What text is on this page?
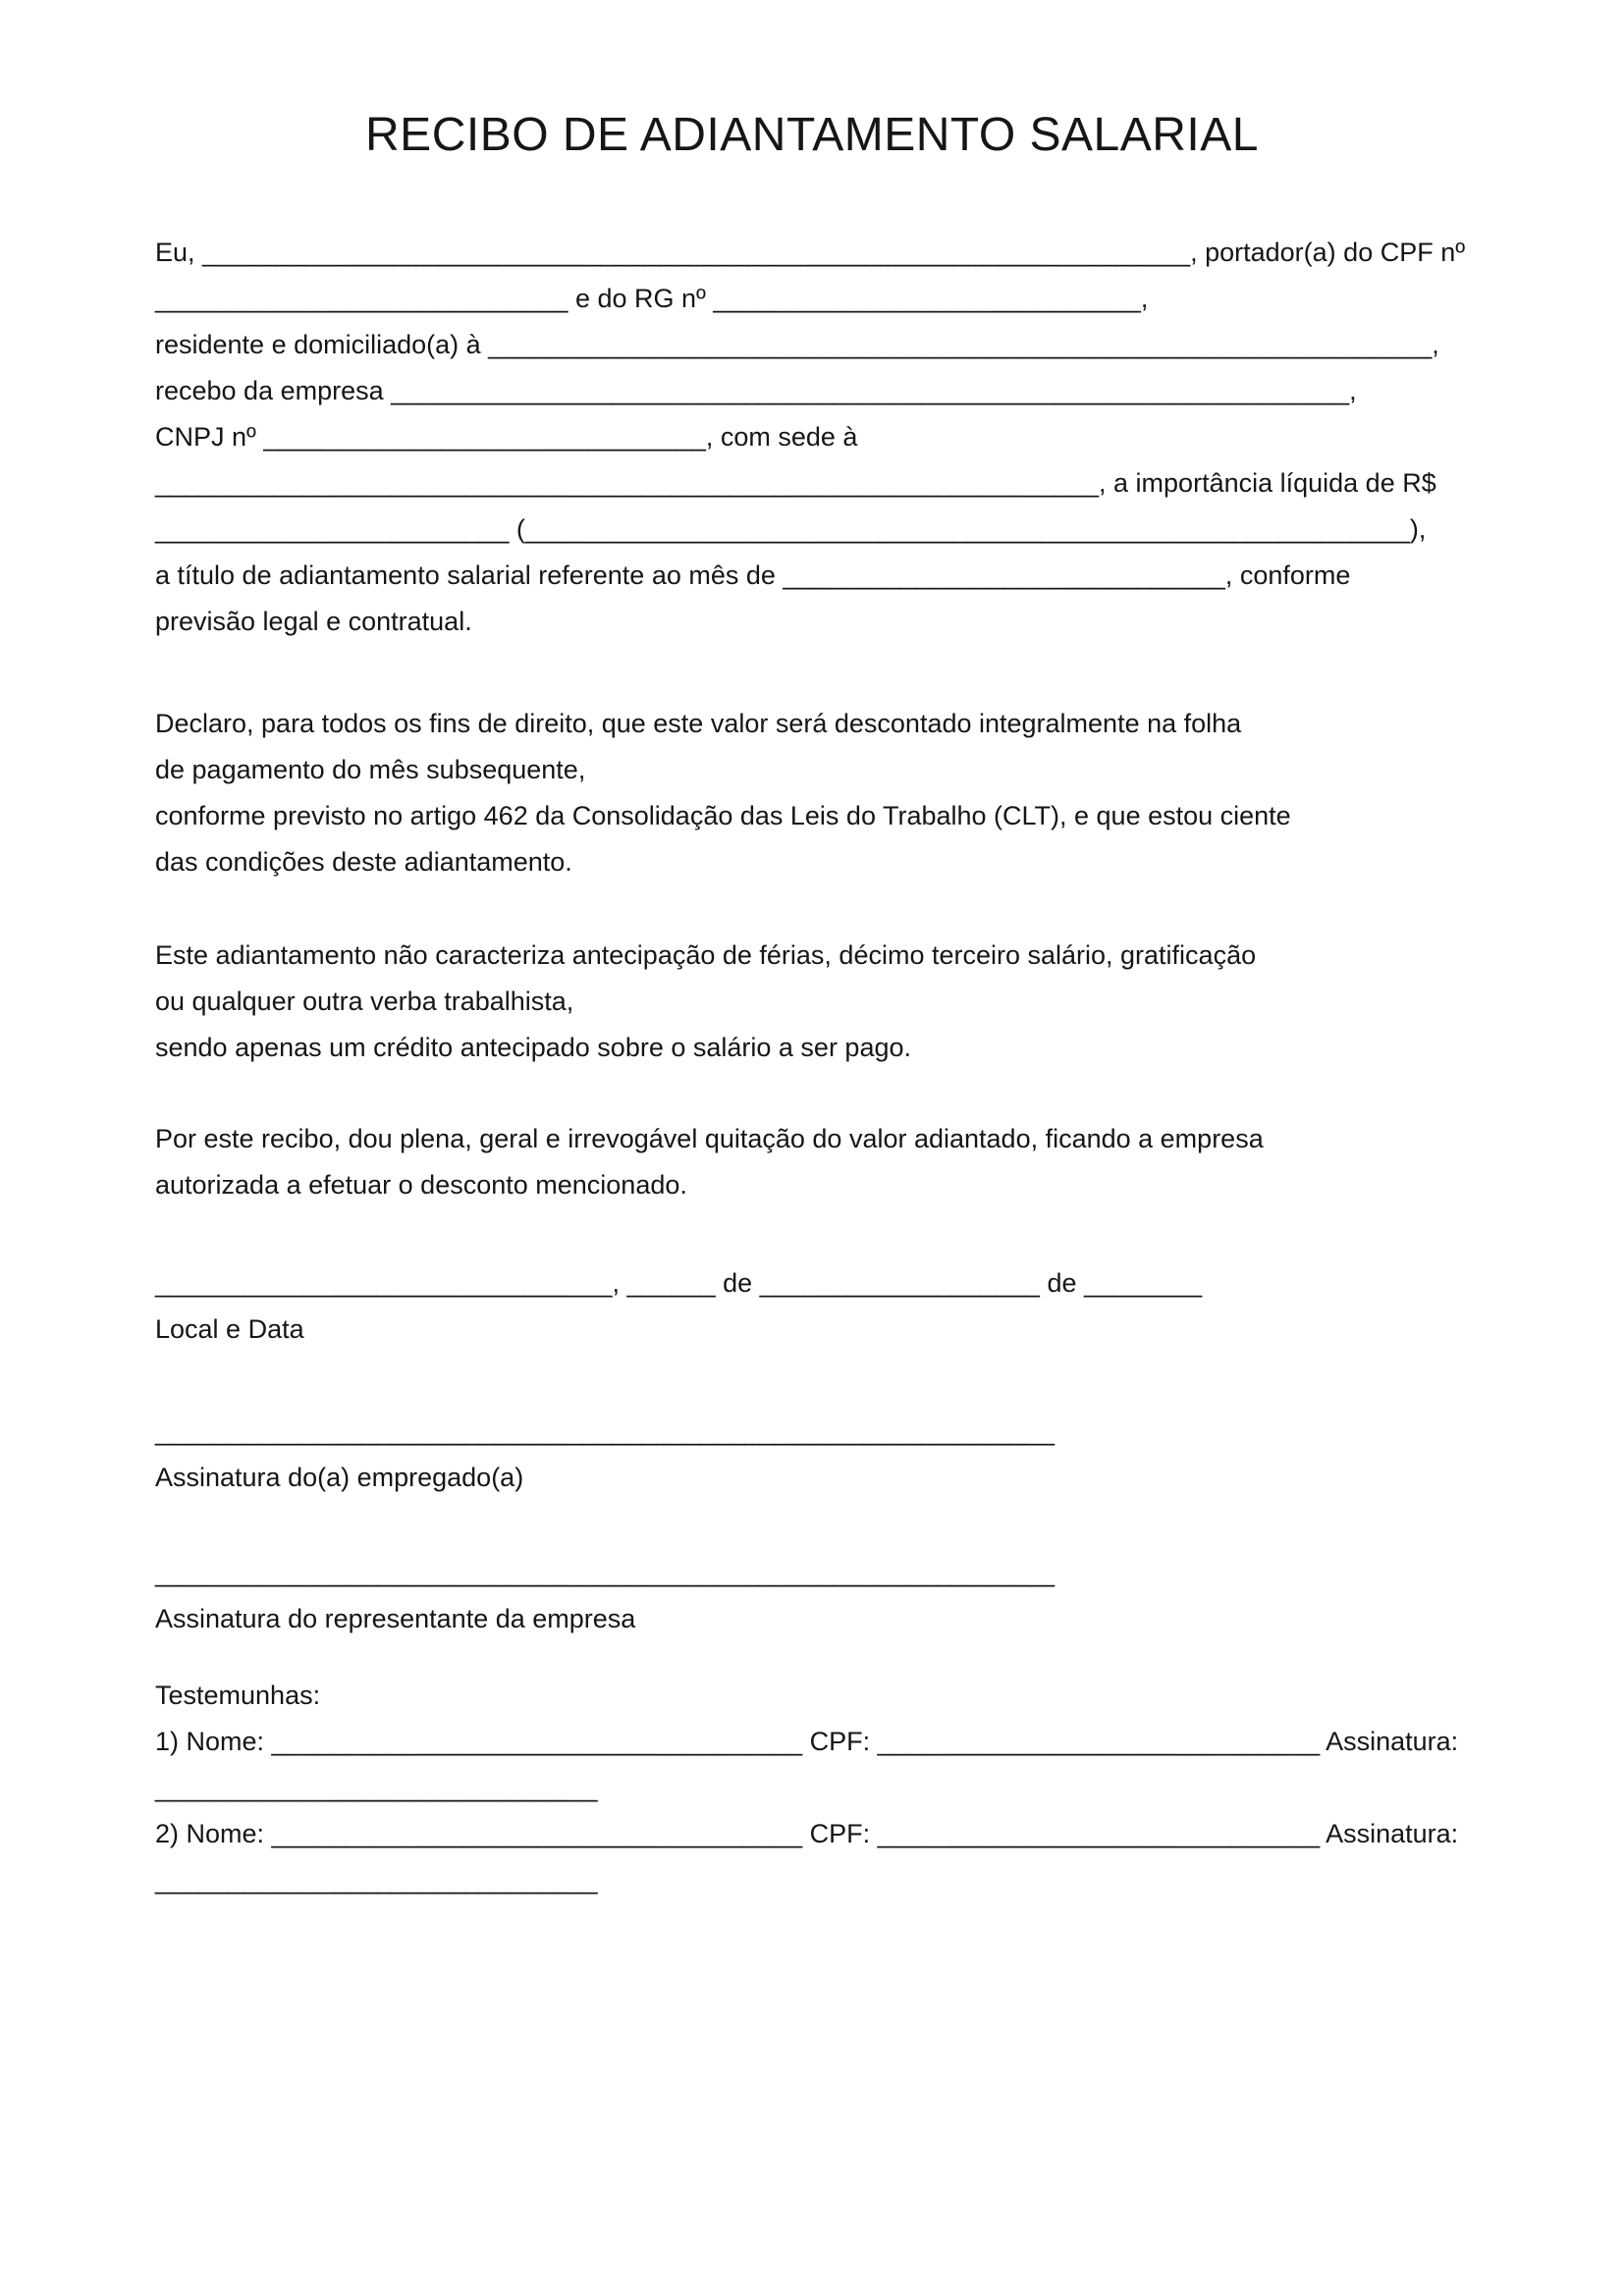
RECIBO DE ADIANTAMENTO SALARIAL
Eu, ___________________________________________________________________, portador(a) do CPF nº
____________________________ e do RG nº _____________________________,
residente e domiciliado(a) à ________________________________________________________________,
recebo da empresa _________________________________________________________________,
CNPJ nº ______________________________, com sede à
________________________________________________________________, a importância líquida de R$
________________________ (____________________________________________________________),
a título de adiantamento salarial referente ao mês de ______________________________, conforme
previsão legal e contratual.
Declaro, para todos os fins de direito, que este valor será descontado integralmente na folha
de pagamento do mês subsequente,
conforme previsto no artigo 462 da Consolidação das Leis do Trabalho (CLT), e que estou ciente
das condições deste adiantamento.
Este adiantamento não caracteriza antecipação de férias, décimo terceiro salário, gratificação
ou qualquer outra verba trabalhista,
sendo apenas um crédito antecipado sobre o salário a ser pago.
Por este recibo, dou plena, geral e irrevogável quitação do valor adiantado, ficando a empresa
autorizada a efetuar o desconto mencionado.
_______________________________, ______ de ___________________ de ________
Local e Data
_____________________________________________________________
Assinatura do(a) empregado(a)
_____________________________________________________________
Assinatura do representante da empresa
Testemunhas:
1) Nome: ____________________________________ CPF: ______________________________ Assinatura:
______________________________
2) Nome: ____________________________________ CPF: ______________________________ Assinatura:
______________________________
